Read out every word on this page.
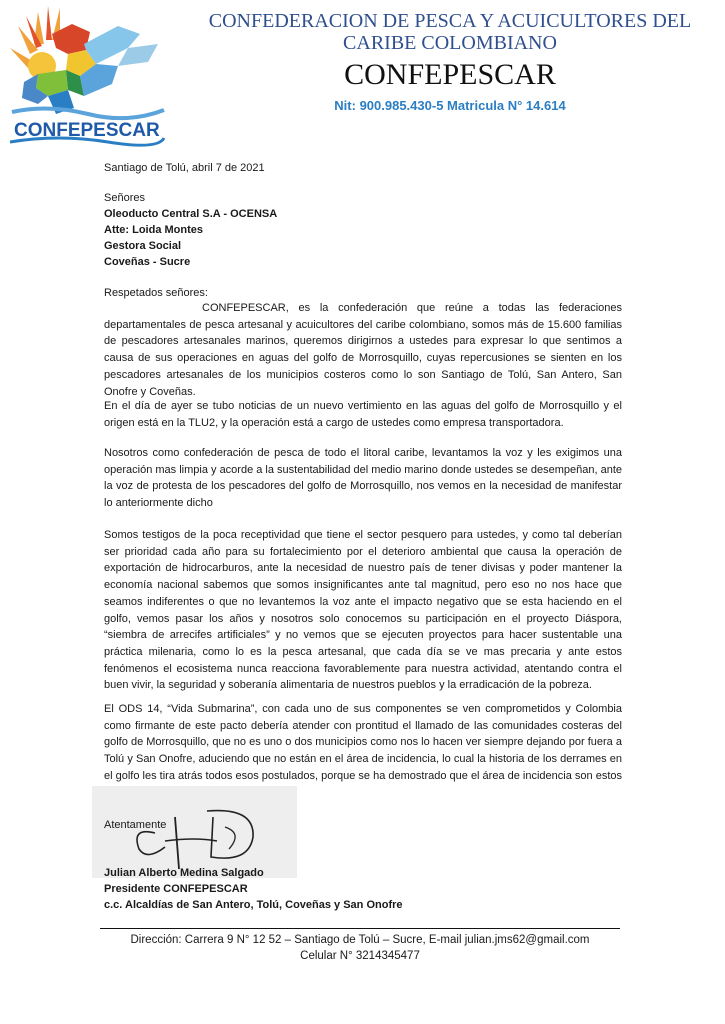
CONFEPESCAR
CONFEDERACION DE PESCA Y ACUICULTORES DEL
CARIBE COLOMBIANO
CONFEPESCAR
Nit: 900.985.430-5 Matricula N° 14.614
Santiago de Tolú, abril 7 de 2021
Señores
Oleoducto Central S.A - OCENSA
Atte: Loida Montes
Gestora Social
Coveñas - Sucre
Respetados señores:
CONFEPESCAR, es la confederación que reúne a todas las federaciones departamentales de pesca artesanal y acuicultores del caribe colombiano, somos más de 15.600 familias de pescadores artesanales marinos, queremos dirigirnos a ustedes para expresar lo que sentimos a causa de sus operaciones en aguas del golfo de Morrosquillo, cuyas repercusiones se sienten en los pescadores artesanales de los municipios costeros como lo son Santiago de Tolú, San Antero, San Onofre y Coveñas.
En el día de ayer se tubo noticias de un nuevo vertimiento en las aguas del golfo de Morrosquillo y el origen está en la TLU2, y la operación está a cargo de ustedes como empresa transportadora.
Nosotros como confederación de pesca de todo el litoral caribe, levantamos la voz y les exigimos una operación mas limpia y acorde a la sustentabilidad del medio marino donde ustedes se desempeñan, ante la voz de protesta de los pescadores del golfo de Morrosquillo, nos vemos en la necesidad de manifestar lo anteriormente dicho
Somos testigos de la poca receptividad que tiene el sector pesquero para ustedes, y como tal deberían ser prioridad cada año para su fortalecimiento por el deterioro ambiental que causa la operación de exportación de hidrocarburos, ante la necesidad de nuestro país de tener divisas y poder mantener la economía nacional sabemos que somos insignificantes ante tal magnitud, pero eso no nos hace que seamos indiferentes o que no levantemos la voz ante el impacto negativo que se esta haciendo en el golfo, vemos pasar los años y nosotros solo conocemos su participación en el proyecto Diáspora, “siembra de arrecifes artificiales” y no vemos que se ejecuten proyectos para hacer sustentable una práctica milenaria, como lo es la pesca artesanal, que cada día se ve mas precaria y ante estos fenómenos el ecosistema nunca reacciona favorablemente para nuestra actividad, atentando contra el buen vivir, la seguridad y soberanía alimentaria de nuestros pueblos y la erradicación de la pobreza.
El ODS 14, “Vida Submarina”, con cada uno de sus componentes se ven comprometidos y Colombia como firmante de este pacto debería atender con prontitud el llamado de las comunidades costeras del golfo de Morrosquillo, que no es uno o dos municipios como nos lo hacen ver siempre dejando por fuera a Tolú y San Onofre, aduciendo que no están en el área de incidencia, lo cual la historia de los derrames en el golfo les tira atrás todos esos postulados, porque se ha demostrado que el área de incidencia son estos
Atentamente
Julian Alberto Medina Salgado
Presidente CONFEPESCAR
c.c. Alcaldías de San Antero, Tolú, Coveñas y San Onofre
Dirección: Carrera 9 N° 12 52 – Santiago de Tolú – Sucre, E-mail julian.jms62@gmail.com
Celular N° 3214345477
